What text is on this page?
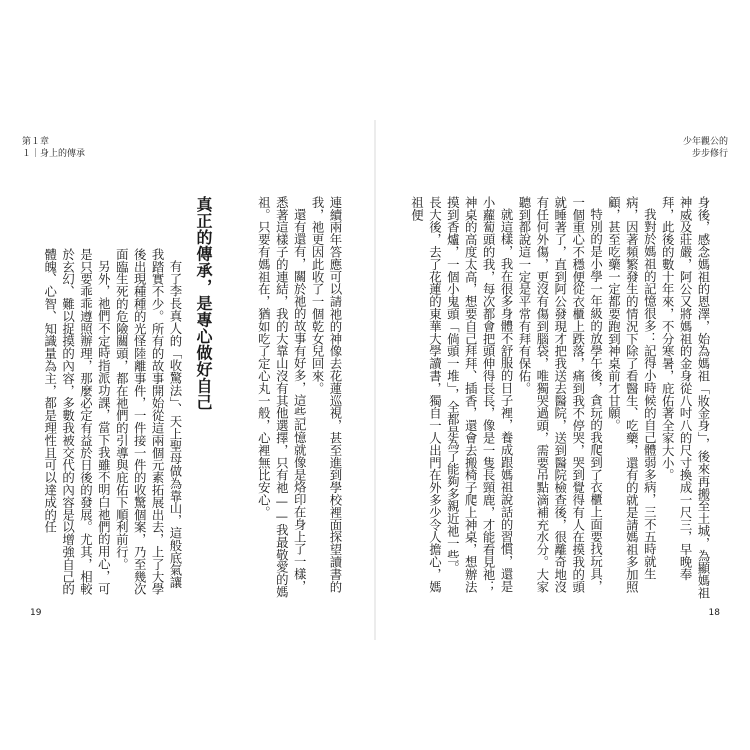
第１章
１｜身上的傳承
少年觀公的
步步修行

身後，感念媽祖的恩澤，始為媽祖「妝金身」，後來再搬至土城，為顯媽祖神威及莊嚴，阿公又將媽祖的金身從八吋八的尺寸換成一尺三，早晚奉拜，此後的數十年來，不分寒暑，庇佑著全家大小。

我對於媽祖的記憶很多：記得小時候的自己體弱多病，三不五時就生病，因著頻繁發生的情況下除了看醫生、吃藥，還有的就是請媽祖多加照顧，甚至吃藥一定都要跑到神桌前才甘願。

特別的是小學一年級的放學午後，貪玩的我爬到了衣櫃上面要找玩具，一個重心不穩便從衣櫃上跌落，痛到我不停哭，哭到覺得有人在摸我的頭就睡著了，直到阿公發現才把我送去醫院，送到醫院檢查後，很離奇地沒有任何外傷，更沒有傷到腦袋，唯獨哭過頭，需要吊點滴補充水分。大家聽到都說這一定是平常有拜有保佑。

就這樣，我在很多身體不舒服的日子裡，養成跟媽祖說話的習慣，還是小蘿蔔頭的我，每次都會把頭伸得長長，像是一隻長頸鹿，才能看見祂；神桌的高度太高，想要自己拜拜、插香，還會去搬椅子爬上神桌，想辦法摸到香爐，一個小鬼頭「倘頭一堆」，全都是為了能夠多親近祂一些。

長大後，去了花蓮的東華大學讀書，獨自一人出門在外多少令人擔心，媽祖便

連續兩年答應可以請祂的神像去花蓮巡視，甚至進到學校裡面探望讀書的我，祂更因此收了一個乾女兒回來。

還有還有，關於祂的故事有好多，這些記憶就像是烙印在身上了一樣，悉著這樣子的連結，我的大靠山沒有其他選擇，只有祂——我最敬愛的媽祖。只要有媽祖在，猶如吃了定心丸一般，心裡無比安心。

真正的傳承，是專心做好自己

有了李長真人的「收驚法」、天上聖母做為靠山，這般底氣讓我踏實不少。所有的故事開始從這兩個元素拓展出去，上了大學後出現種種的光怪陸離事件，一件接一件的收驚個案，乃至幾次面臨生死的危險關頭，都在祂們的引導與庇佑下順利前行。

另外，祂們不定時指派功課，當下我雖不明白祂們的用心，可是只要乖乖遵照辦理，那麼必定有益於日後的發展。尤其，相較於玄幻、難以捉摸的內容，多數我被交代的內容是以增強自己的體魄、心智、知識量為主，都是理性且可以達成的任

19	18
